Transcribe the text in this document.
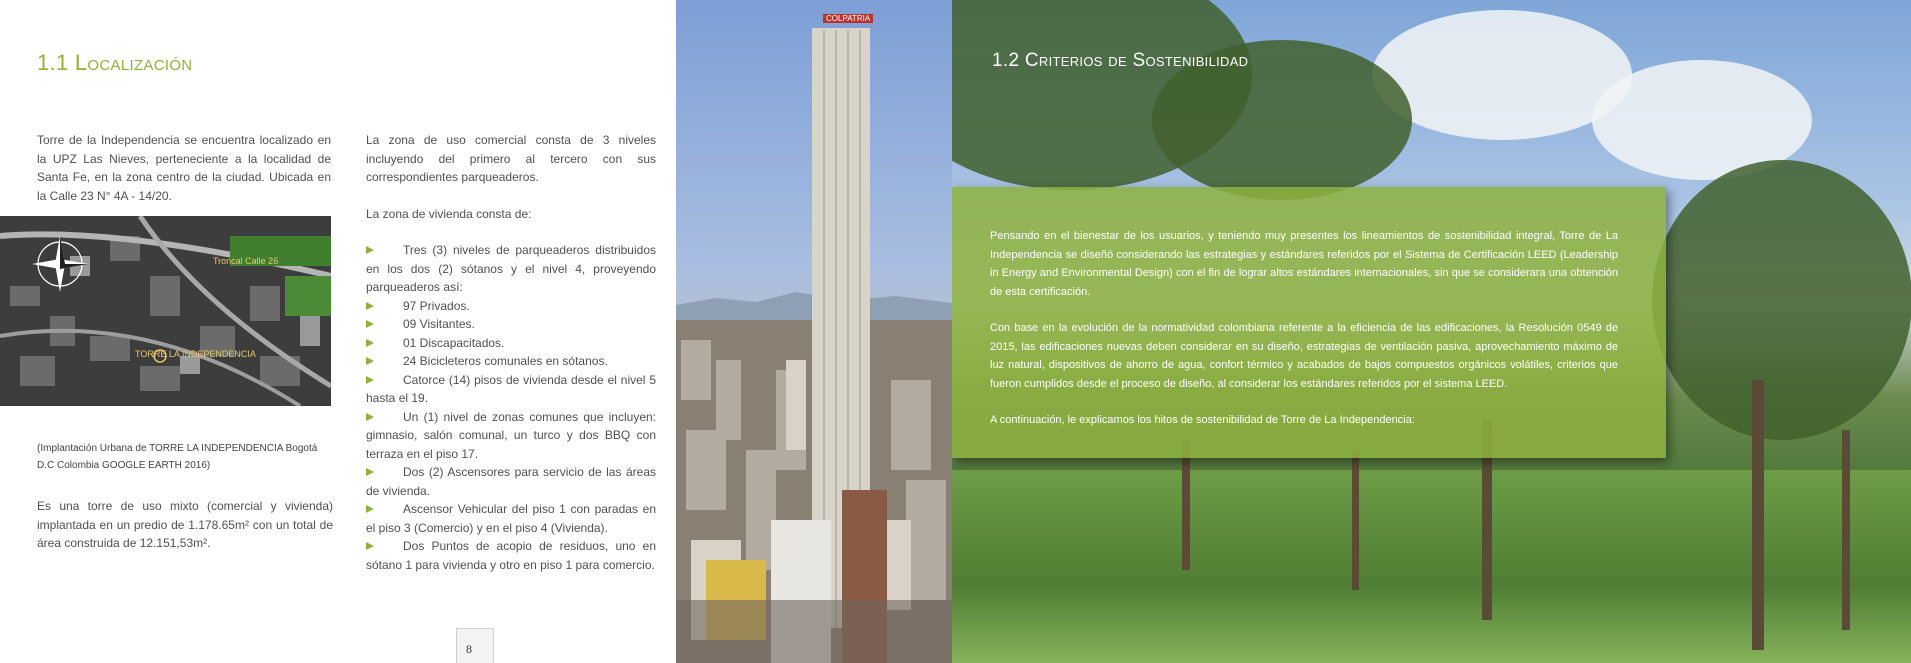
1.1 Localización

Torre de la Independencia se encuentra localizado en la UPZ Las Nieves, perteneciente a la localidad de Santa Fe, en la zona centro de la ciudad. Ubicada en la Calle 23 N° 4A - 14/20.

Troncal Calle 26
TORRE LA INDEPENDENCIA

(Implantación Urbana de TORRE LA INDEPENDENCIA Bogotá D.C Colombia GOOGLE EARTH 2016)

Es una torre de uso mixto (comercial y vivienda) implantada en un predio de 1.178.65m² con un total de área construida de 12.151,53m².

La zona de uso comercial consta de 3 niveles incluyendo del primero al tercero con sus correspondientes parqueaderos.

La zona de vivienda consta de:

Tres (3) niveles de parqueaderos distribuidos en los dos (2) sótanos y el nivel 4, proveyendo parqueaderos así:
97 Privados.
09 Visitantes.
01 Discapacitados.
24 Bicicleteros comunales en sótanos.
Catorce (14) pisos de vivienda desde el nivel 5 hasta el 19.
Un (1) nivel de zonas comunes que incluyen: gimnasio, salón comunal, un turco y dos BBQ con terraza en el piso 17.
Dos (2) Ascensores para servicio de las áreas de vivienda.
Ascensor Vehicular del piso 1 con paradas en el piso 3 (Comercio) y en el piso 4 (Vivienda).
Dos Puntos de acopio de residuos, uno en sótano 1 para vivienda y otro en piso 1 para comercio.
8
COLPATRIA
1.2 Criterios de Sostenibilidad

Pensando en el bienestar de los usuarios, y teniendo muy presentes los lineamientos de sostenibilidad integral, Torre de La Independencia se diseñó considerando las estrategias y estándares referidos por el Sistema de Certificación LEED (Leadership in Energy and Environmental Design) con el fin de lograr altos estándares internacionales, sin que se considerara una obtención de esta certificación.

Con base en la evolución de la normatividad colombiana referente a la eficiencia de las edificaciones, la Resolución 0549 de 2015, las edificaciones nuevas deben considerar en su diseño, estrategias de ventilación pasiva, aprovechamiento máximo de luz natural, dispositivos de ahorro de agua, confort térmico y acabados de bajos compuestos orgánicos volátiles, criterios que fueron cumplidos desde el proceso de diseño, al considerar los estándares referidos por el sistema LEED.

A continuación, le explicamos los hitos de sostenibilidad de Torre de La Independencia:
